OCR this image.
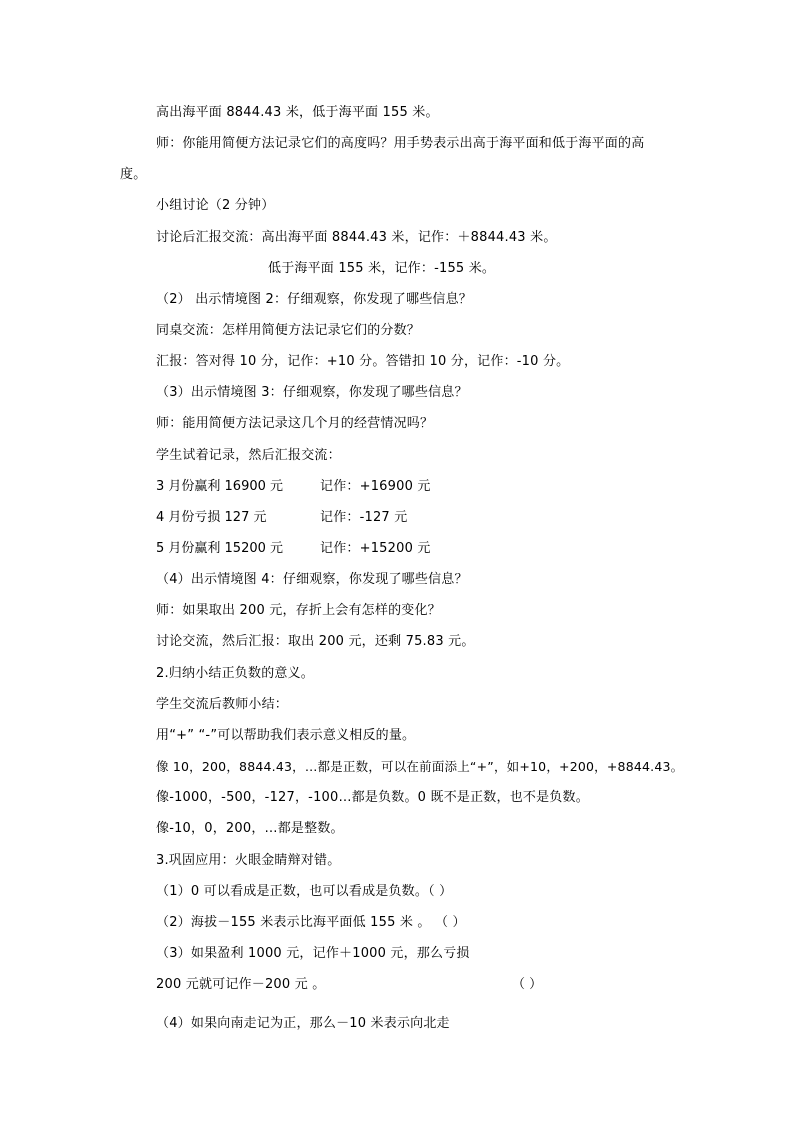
高出海平面 8844.43 米，低于海平面 155 米。
师：你能用简便方法记录它们的高度吗？用手势表示出高于海平面和低于海平面的高
度。
小组讨论（2 分钟）
讨论后汇报交流：高出海平面 8844.43 米，记作：＋8844.43 米。
低于海平面 155 米，记作：-155 米。
（2） 出示情境图 2：仔细观察，你发现了哪些信息？
同桌交流：怎样用简便方法记录它们的分数？
汇报：答对得 10 分，记作：+10 分。答错扣 10 分，记作：-10 分。
（3）出示情境图 3：仔细观察，你发现了哪些信息？
师：能用简便方法记录这几个月的经营情况吗？
学生试着记录，然后汇报交流：
3 月份赢利 16900 元	记作：+16900 元
4 月份亏损 127 元	记作：-127 元
5 月份赢利 15200 元	记作：+15200 元
（4）出示情境图 4：仔细观察，你发现了哪些信息？
师：如果取出 200 元，存折上会有怎样的变化？
讨论交流，然后汇报：取出 200 元，还剩 75.83 元。
2.归纳小结正负数的意义。
学生交流后教师小结：
用“+” “-”可以帮助我们表示意义相反的量。
像 10，200，8844.43，…都是正数，可以在前面添上“+”，如+10，+200，+8844.43。
像-1000，-500，-127，-100…都是负数。0 既不是正数，也不是负数。
像-10，0，200，…都是整数。
3.巩固应用：火眼金睛辩对错。
（1）0 可以看成是正数，也可以看成是负数。（ ）
（2）海拔－155 米表示比海平面低 155 米 。 （ ）
（3）如果盈利 1000 元，记作＋1000 元，那么亏损
200 元就可记作－200 元 。	（ ）
（4）如果向南走记为正，那么－10 米表示向北走
